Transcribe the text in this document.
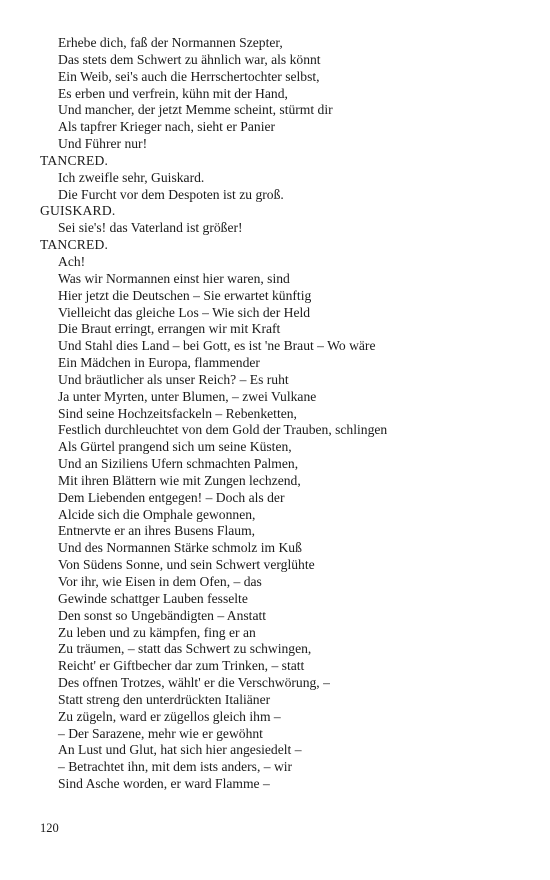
Erhebe dich, faß der Normannen Szepter,
Das stets dem Schwert zu ähnlich war, als könnt
Ein Weib, sei's auch die Herrschertochter selbst,
Es erben und verfrein, kühn mit der Hand,
Und mancher, der jetzt Memme scheint, stürmt dir
Als tapfrer Krieger nach, sieht er Panier
Und Führer nur!
TANCRED.
Ich zweifle sehr, Guiskard.
Die Furcht vor dem Despoten ist zu groß.
GUISKARD.
Sei sie's! das Vaterland ist größer!
TANCRED.
Ach!
Was wir Normannen einst hier waren, sind
Hier jetzt die Deutschen – Sie erwartet künftig
Vielleicht das gleiche Los – Wie sich der Held
Die Braut erringt, errangen wir mit Kraft
Und Stahl dies Land – bei Gott, es ist 'ne Braut – Wo wäre
Ein Mädchen in Europa, flammender
Und bräutlicher als unser Reich? – Es ruht
Ja unter Myrten, unter Blumen, – zwei Vulkane
Sind seine Hochzeitsfackeln – Rebenketten,
Festlich durchleuchtet von dem Gold der Trauben, schlingen
Als Gürtel prangend sich um seine Küsten,
Und an Siziliens Ufern schmachten Palmen,
Mit ihren Blättern wie mit Zungen lechzend,
Dem Liebenden entgegen! – Doch als der
Alcide sich die Omphale gewonnen,
Entnervte er an ihres Busens Flaum,
Und des Normannen Stärke schmolz im Kuß
Von Südens Sonne, und sein Schwert verglühte
Vor ihr, wie Eisen in dem Ofen, – das
Gewinde schattger Lauben fesselte
Den sonst so Ungebändigten – Anstatt
Zu leben und zu kämpfen, fing er an
Zu träumen, – statt das Schwert zu schwingen,
Reicht' er Giftbecher dar zum Trinken, – statt
Des offnen Trotzes, wählt' er die Verschwörung, –
Statt streng den unterdrückten Italiäner
Zu zügeln, ward er zügellos gleich ihm –
– Der Sarazene, mehr wie er gewöhnt
An Lust und Glut, hat sich hier angesiedelt –
– Betrachtet ihn, mit dem ists anders, – wir
Sind Asche worden, er ward Flamme –
120
